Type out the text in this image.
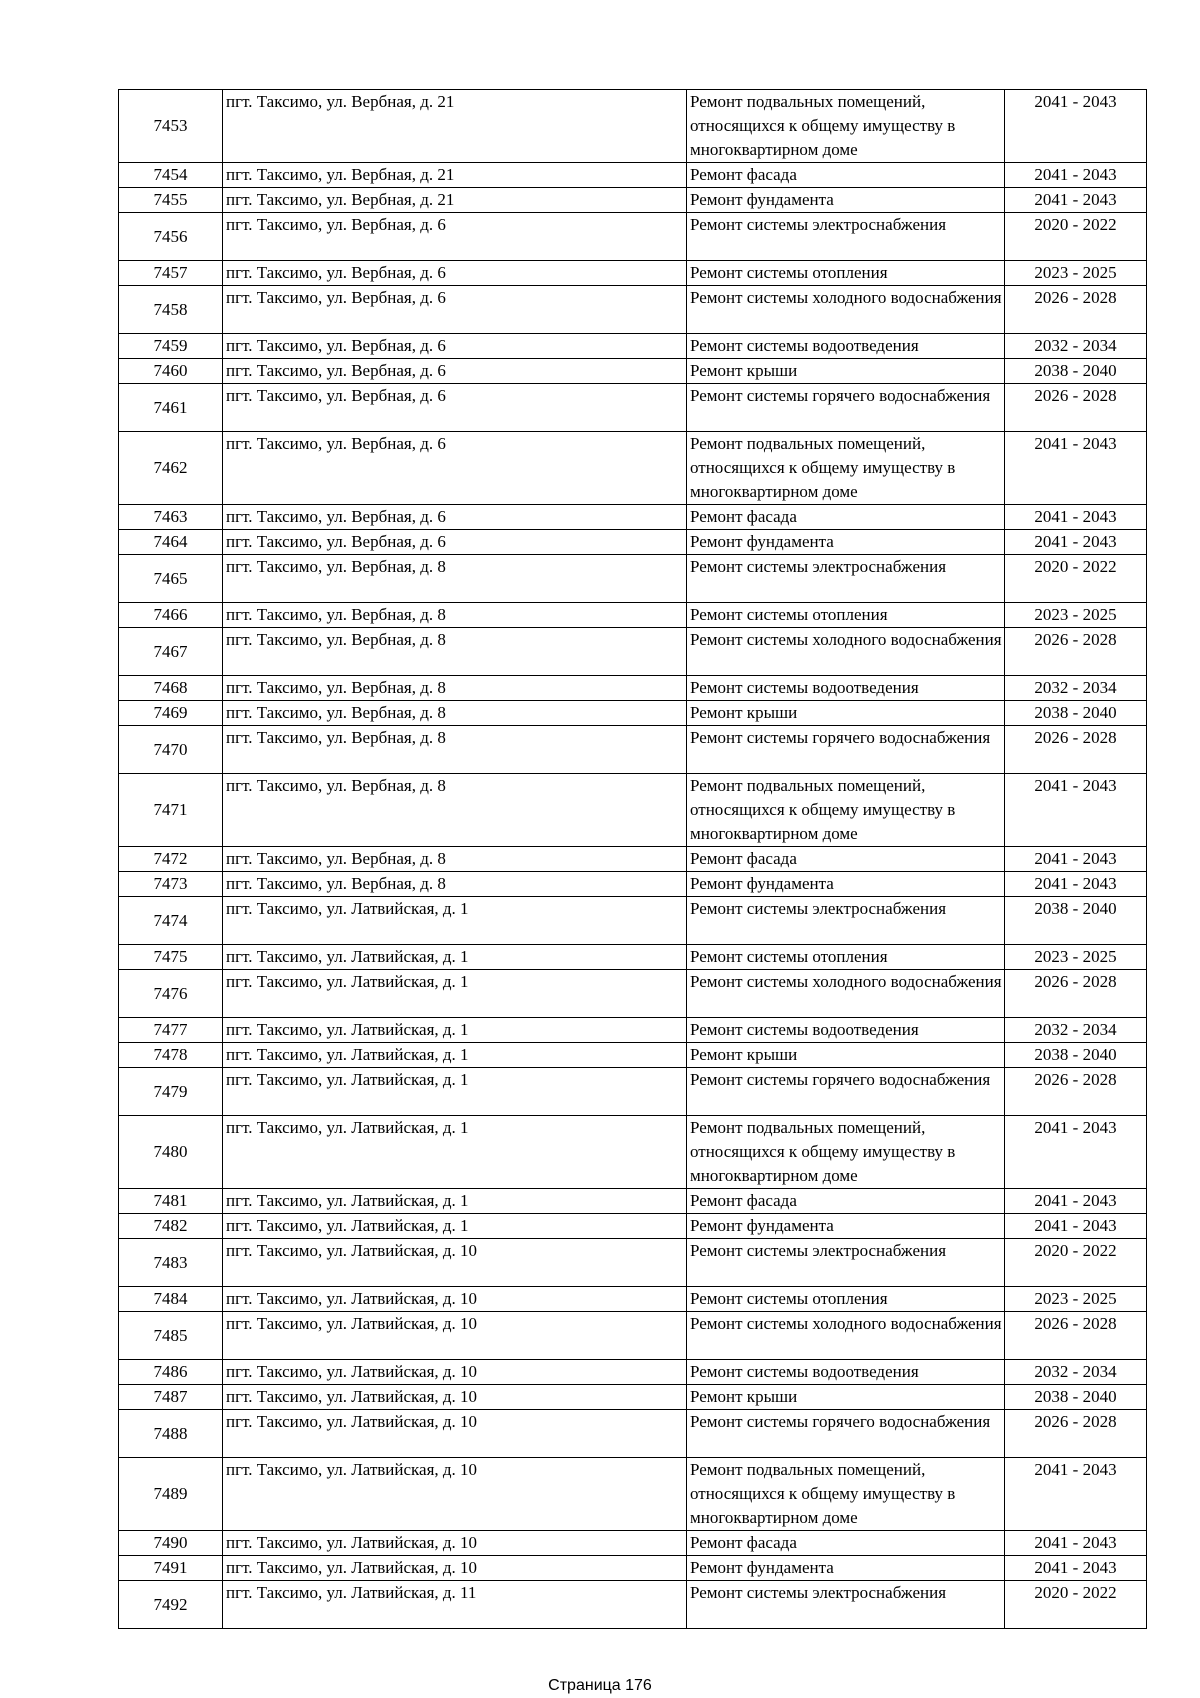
7453	пгт. Таксимо, ул. Вербная, д. 21	Ремонт подвальных помещений, относящихся к общему имуществу в многоквартирном доме	2041 - 2043
7454	пгт. Таксимо, ул. Вербная, д. 21	Ремонт фасада	2041 - 2043
7455	пгт. Таксимо, ул. Вербная, д. 21	Ремонт фундамента	2041 - 2043
7456	пгт. Таксимо, ул. Вербная, д. 6	Ремонт системы электроснабжения	2020 - 2022
7457	пгт. Таксимо, ул. Вербная, д. 6	Ремонт системы отопления	2023 - 2025
7458	пгт. Таксимо, ул. Вербная, д. 6	Ремонт системы холодного водоснабжения	2026 - 2028
7459	пгт. Таксимо, ул. Вербная, д. 6	Ремонт системы водоотведения	2032 - 2034
7460	пгт. Таксимо, ул. Вербная, д. 6	Ремонт крыши	2038 - 2040
7461	пгт. Таксимо, ул. Вербная, д. 6	Ремонт системы горячего водоснабжения	2026 - 2028
7462	пгт. Таксимо, ул. Вербная, д. 6	Ремонт подвальных помещений, относящихся к общему имуществу в многоквартирном доме	2041 - 2043
7463	пгт. Таксимо, ул. Вербная, д. 6	Ремонт фасада	2041 - 2043
7464	пгт. Таксимо, ул. Вербная, д. 6	Ремонт фундамента	2041 - 2043
7465	пгт. Таксимо, ул. Вербная, д. 8	Ремонт системы электроснабжения	2020 - 2022
7466	пгт. Таксимо, ул. Вербная, д. 8	Ремонт системы отопления	2023 - 2025
7467	пгт. Таксимо, ул. Вербная, д. 8	Ремонт системы холодного водоснабжения	2026 - 2028
7468	пгт. Таксимо, ул. Вербная, д. 8	Ремонт системы водоотведения	2032 - 2034
7469	пгт. Таксимо, ул. Вербная, д. 8	Ремонт крыши	2038 - 2040
7470	пгт. Таксимо, ул. Вербная, д. 8	Ремонт системы горячего водоснабжения	2026 - 2028
7471	пгт. Таксимо, ул. Вербная, д. 8	Ремонт подвальных помещений, относящихся к общему имуществу в многоквартирном доме	2041 - 2043
7472	пгт. Таксимо, ул. Вербная, д. 8	Ремонт фасада	2041 - 2043
7473	пгт. Таксимо, ул. Вербная, д. 8	Ремонт фундамента	2041 - 2043
7474	пгт. Таксимо, ул. Латвийская, д. 1	Ремонт системы электроснабжения	2038 - 2040
7475	пгт. Таксимо, ул. Латвийская, д. 1	Ремонт системы отопления	2023 - 2025
7476	пгт. Таксимо, ул. Латвийская, д. 1	Ремонт системы холодного водоснабжения	2026 - 2028
7477	пгт. Таксимо, ул. Латвийская, д. 1	Ремонт системы водоотведения	2032 - 2034
7478	пгт. Таксимо, ул. Латвийская, д. 1	Ремонт крыши	2038 - 2040
7479	пгт. Таксимо, ул. Латвийская, д. 1	Ремонт системы горячего водоснабжения	2026 - 2028
7480	пгт. Таксимо, ул. Латвийская, д. 1	Ремонт подвальных помещений, относящихся к общему имуществу в многоквартирном доме	2041 - 2043
7481	пгт. Таксимо, ул. Латвийская, д. 1	Ремонт фасада	2041 - 2043
7482	пгт. Таксимо, ул. Латвийская, д. 1	Ремонт фундамента	2041 - 2043
7483	пгт. Таксимо, ул. Латвийская, д. 10	Ремонт системы электроснабжения	2020 - 2022
7484	пгт. Таксимо, ул. Латвийская, д. 10	Ремонт системы отопления	2023 - 2025
7485	пгт. Таксимо, ул. Латвийская, д. 10	Ремонт системы холодного водоснабжения	2026 - 2028
7486	пгт. Таксимо, ул. Латвийская, д. 10	Ремонт системы водоотведения	2032 - 2034
7487	пгт. Таксимо, ул. Латвийская, д. 10	Ремонт крыши	2038 - 2040
7488	пгт. Таксимо, ул. Латвийская, д. 10	Ремонт системы горячего водоснабжения	2026 - 2028
7489	пгт. Таксимо, ул. Латвийская, д. 10	Ремонт подвальных помещений, относящихся к общему имуществу в многоквартирном доме	2041 - 2043
7490	пгт. Таксимо, ул. Латвийская, д. 10	Ремонт фасада	2041 - 2043
7491	пгт. Таксимо, ул. Латвийская, д. 10	Ремонт фундамента	2041 - 2043
7492	пгт. Таксимо, ул. Латвийская, д. 11	Ремонт системы электроснабжения	2020 - 2022
Страница 176
